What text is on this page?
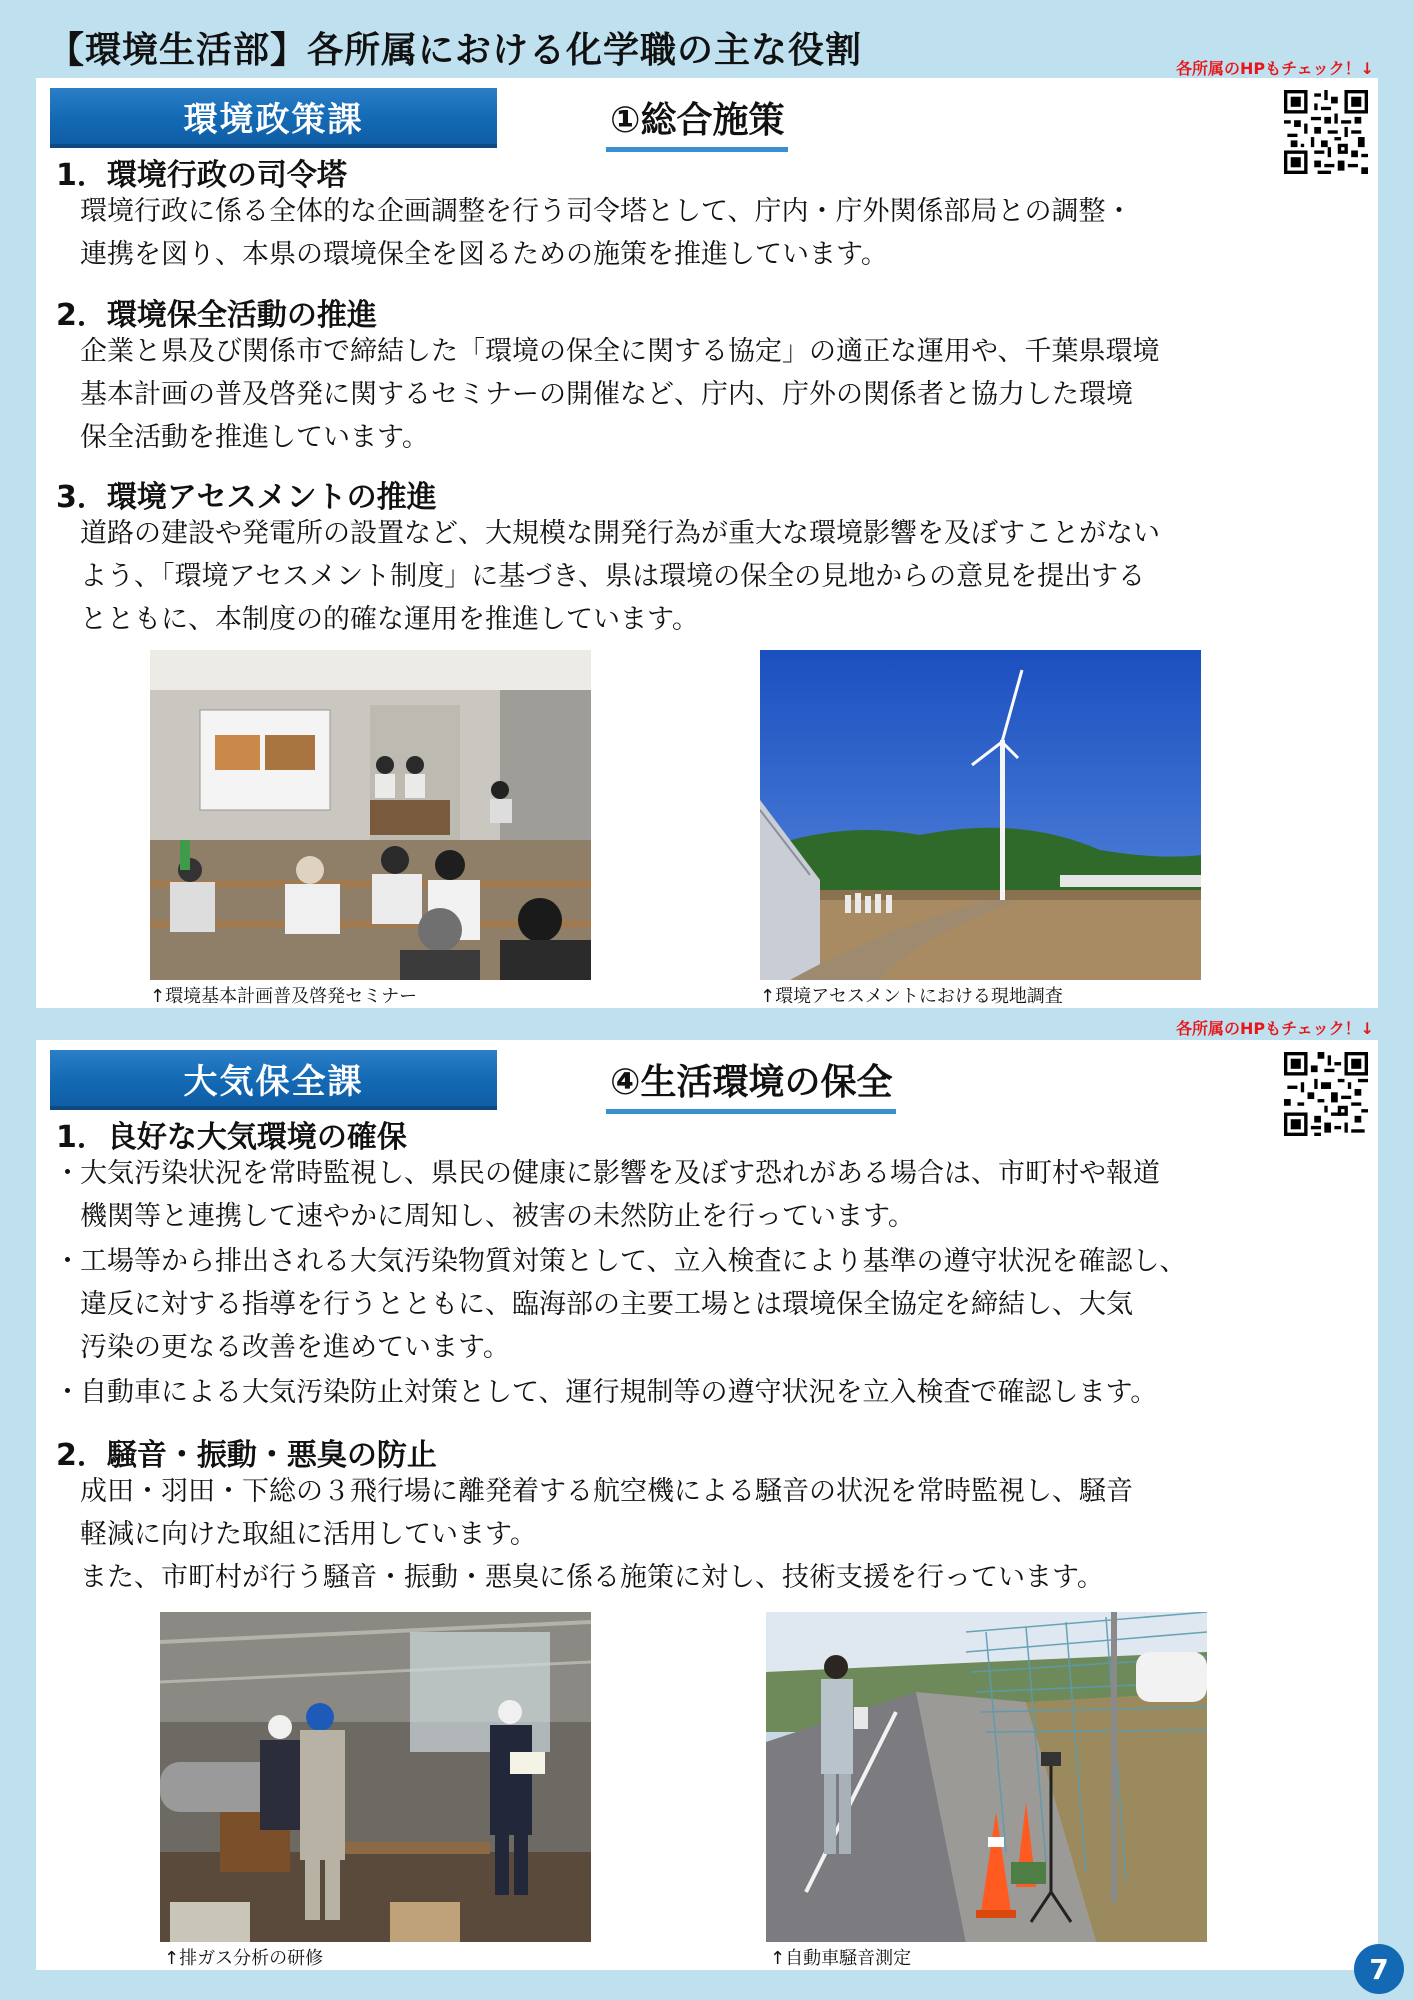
【環境生活部】各所属における化学職の主な役割	各所属のHPもチェック！↓
環境政策課	①総合施策
1．環境行政の司令塔

環境行政に係る全体的な企画調整を行う司令塔として、庁内・庁外関係部局との調整・
連携を図り、本県の環境保全を図るための施策を推進しています。

2．環境保全活動の推進

企業と県及び関係市で締結した「環境の保全に関する協定」の適正な運用や、千葉県環境
基本計画の普及啓発に関するセミナーの開催など、庁内、庁外の関係者と協力した環境
保全活動を推進しています。

3．環境アセスメントの推進

道路の建設や発電所の設置など、大規模な開発行為が重大な環境影響を及ぼすことがない
よう、「環境アセスメント制度」に基づき、県は環境の保全の見地からの意見を提出する
とともに、本制度の的確な運用を推進しています。

↑環境基本計画普及啓発セミナー	↑環境アセスメントにおける現地調査
各所属のHPもチェック！↓
大気保全課	④生活環境の保全
1．良好な大気環境の確保
・ 大気汚染状況を常時監視し、県民の健康に影響を及ぼす恐れがある場合は、市町村や報道
機関等と連携して速やかに周知し、被害の未然防止を行っています。
・ 工場等から排出される大気汚染物質対策として、立入検査により基準の遵守状況を確認し、
違反に対する指導を行うとともに、臨海部の主要工場とは環境保全協定を締結し、大気
汚染の更なる改善を進めています。
・ 自動車による大気汚染防止対策として、運行規制等の遵守状況を立入検査で確認します。
2．騒音・振動・悪臭の防止

成田・羽田・下総の３飛行場に離発着する航空機による騒音の状況を常時監視し、騒音
軽減に向けた取組に活用しています。
また、市町村が行う騒音・振動・悪臭に係る施策に対し、技術支援を行っています。

↑排ガス分析の研修	↑自動車騒音測定	7
